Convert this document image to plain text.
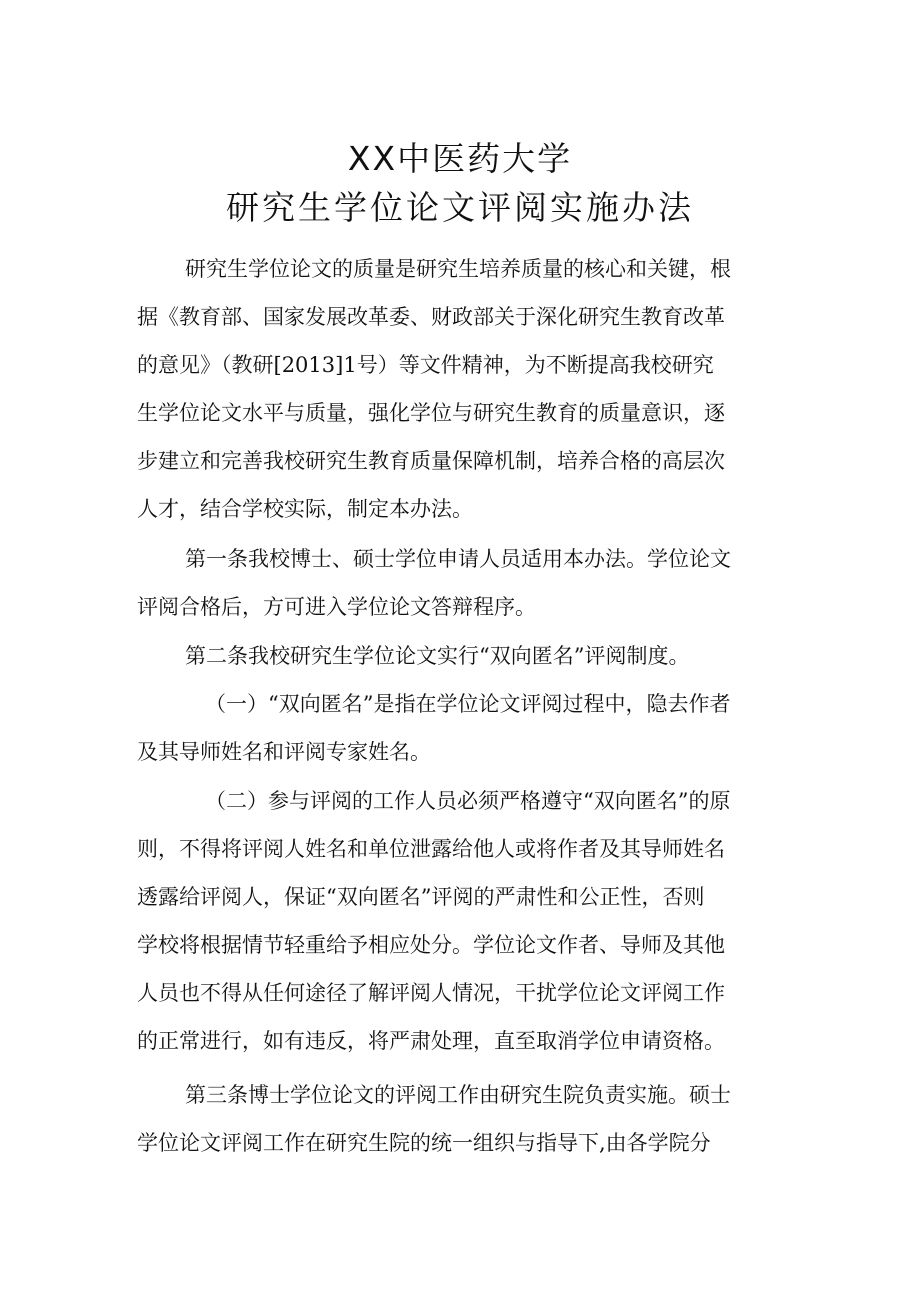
XX中医药大学
研究生学位论文评阅实施办法
研究生学位论文的质量是研究生培养质量的核心和关键，根
据《教育部、国家发展改革委、财政部关于深化研究生教育改革
的意见》（教研[2013]1号）等文件精神，为不断提高我校研究
生学位论文水平与质量，强化学位与研究生教育的质量意识，逐
步建立和完善我校研究生教育质量保障机制，培养合格的高层次
人才，结合学校实际，制定本办法。
第一条我校博士、硕士学位申请人员适用本办法。学位论文
评阅合格后，方可进入学位论文答辩程序。
第二条我校研究生学位论文实行“双向匿名”评阅制度。
（一）“双向匿名”是指在学位论文评阅过程中，隐去作者
及其导师姓名和评阅专家姓名。
（二）参与评阅的工作人员必须严格遵守“双向匿名”的原
则，不得将评阅人姓名和单位泄露给他人或将作者及其导师姓名
透露给评阅人，保证“双向匿名”评阅的严肃性和公正性，否则
学校将根据情节轻重给予相应处分。学位论文作者、导师及其他
人员也不得从任何途径了解评阅人情况，干扰学位论文评阅工作
的正常进行，如有违反，将严肃处理，直至取消学位申请资格。
第三条博士学位论文的评阅工作由研究生院负责实施。硕士
学位论文评阅工作在研究生院的统一组织与指导下,由各学院分
